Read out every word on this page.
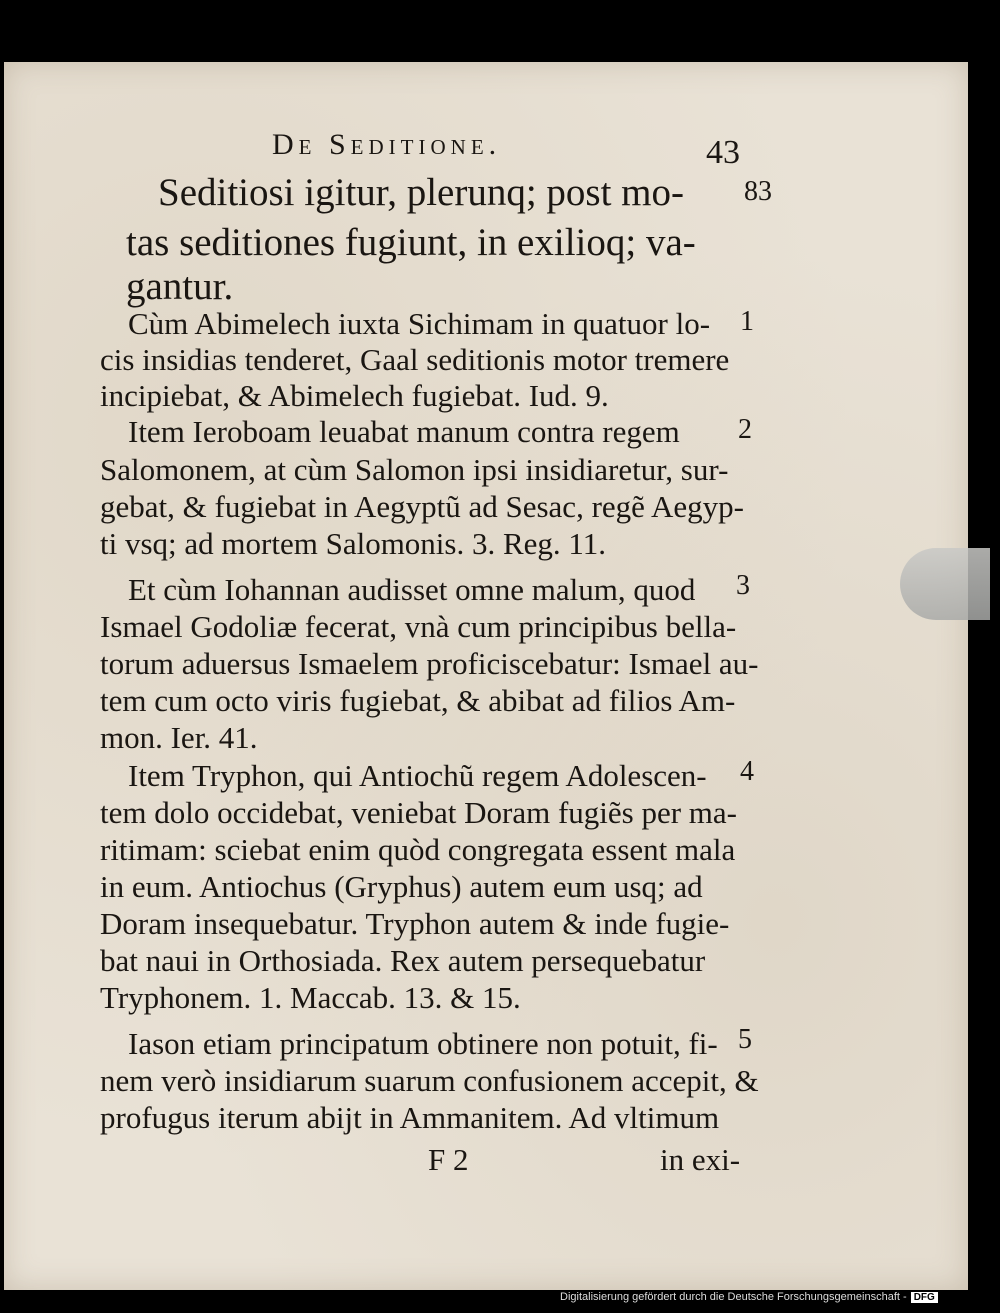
De Seditione.	43
83
Seditiosi igitur, plerunq; post mo-
tas seditiones fugiunt, in exilioq; va-
gantur.
Cùm Abimelech iuxta Sichimam in quatuor lo-
cis insidias tenderet, Gaal seditionis motor tremere
incipiebat, & Abimelech fugiebat. Iud. 9.
Item Ieroboam leuabat manum contra regem
Salomonem, at cùm Salomon ipsi insidiaretur, sur-
gebat, & fugiebat in Aegyptũ ad Sesac, regẽ Aegyp-
ti vsq; ad mortem Salomonis. 3. Reg. 11.
Et cùm Iohannan audisset omne malum, quod
Ismael Godoliæ fecerat, vnà cum principibus bella-
torum aduersus Ismaelem proficiscebatur: Ismael au-
tem cum octo viris fugiebat, & abibat ad filios Am-
mon. Ier. 41.
Item Tryphon, qui Antiochũ regem Adolescen-
tem dolo occidebat, veniebat Doram fugiẽs per ma-
ritimam: sciebat enim quòd congregata essent mala
in eum. Antiochus (Gryphus) autem eum usq; ad
Doram insequebatur. Tryphon autem & inde fugie-
bat naui in Orthosiada. Rex autem persequebatur
Tryphonem. 1. Maccab. 13. & 15.
Iason etiam principatum obtinere non potuit, fi-
nem verò insidiarum suarum confusionem accepit, &
profugus iterum abijt in Ammanitem. Ad vltimum
1
2
3
4
5
F 2	in exi-
Digitalisierung gefördert durch die Deutsche Forschungsgemeinschaft - DFG
